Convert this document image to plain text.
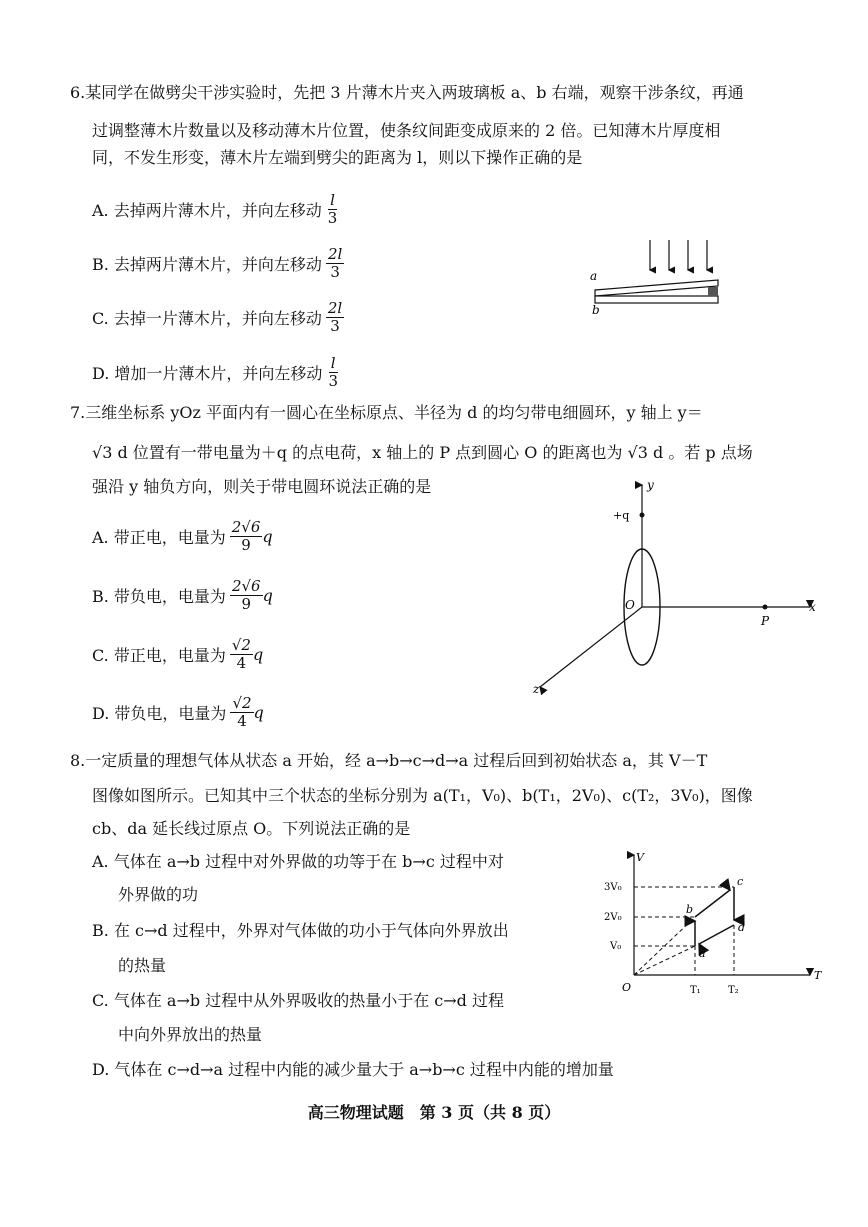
6.某同学在做劈尖干涉实验时，先把 3 片薄木片夹入两玻璃板 a、b 右端，观察干涉条纹，再通
过调整薄木片数量以及移动薄木片位置，使条纹间距变成原来的 2 倍。已知薄木片厚度相
同，不发生形变，薄木片左端到劈尖的距离为 l，则以下操作正确的是
A. 去掉两片薄木片，并向左移动 $\frac{l}{3}$
B. 去掉两片薄木片，并向左移动 $\frac{2l}{3}$
C. 去掉一片薄木片，并向左移动 $\frac{2l}{3}$
D. 增加一片薄木片，并向左移动 $\frac{l}{3}$
a
b
7.三维坐标系 yOz 平面内有一圆心在坐标原点、半径为 d 的均匀带电细圆环，y 轴上 y＝
√3 d 位置有一带电量为＋q 的点电荷，x 轴上的 P 点到圆心 O 的距离也为 √3 d 。若 p 点场
强沿 y 轴负方向，则关于带电圆环说法正确的是
A. 带正电，电量为 $\frac{2√6}{9}$ q
B. 带负电，电量为 $\frac{2√6}{9}$ q
C. 带正电，电量为 $\frac{√2}{4}$ q
D. 带负电，电量为 $\frac{√2}{4}$ q
y
x
z
O
P
+q
8.一定质量的理想气体从状态 a 开始，经 a→b→c→d→a 过程后回到初始状态 a，其 V－T
图像如图所示。已知其中三个状态的坐标分别为 a(T₁，V₀)、b(T₁，2V₀)、c(T₂，3V₀)，图像
cb、da 延长线过原点 O。下列说法正确的是
A. 气体在 a→b 过程中对外界做的功等于在 b→c 过程中对
外界做的功
B. 在 c→d 过程中，外界对气体做的功小于气体向外界放出
的热量
C. 气体在 a→b 过程中从外界吸收的热量小于在 c→d 过程
中向外界放出的热量
D. 气体在 c→d→a 过程中内能的减少量大于 a→b→c 过程中内能的增加量
V
T
O
3V₀
2V₀
V₀
T₁	T₂
a
b
c
d
高三物理试题　第 3 页（共 8 页）
